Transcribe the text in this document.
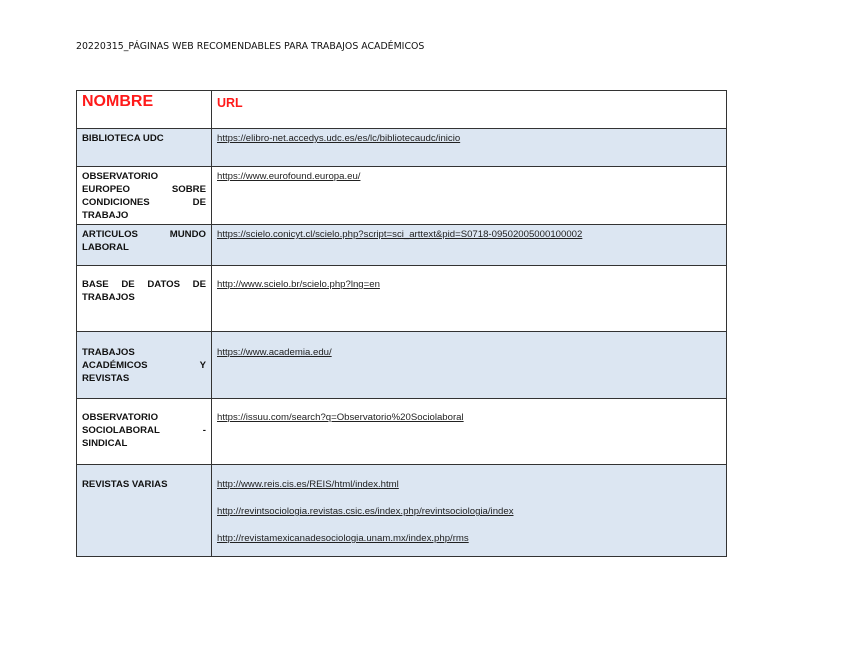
20220315_PÁGINAS WEB RECOMENDABLES PARA TRABAJOS ACADÉMICOS
NOMBRE	URL

BIBLIOTECA UDC	https://elibro-net.accedys.udc.es/es/lc/bibliotecaudc/inicio

OBSERVATORIO
EUROPEO SOBRE
CONDICIONES DE
TRABAJO	https://www.eurofound.europa.eu/

ARTICULOS MUNDO
LABORAL	https://scielo.conicyt.cl/scielo.php?script=sci_arttext&pid=S0718-09502005000100002

BASE DE DATOS DE
TRABAJOS	http://www.scielo.br/scielo.php?lng=en

TRABAJOS
ACADÉMICOS Y
REVISTAS	https://www.academia.edu/

OBSERVATORIO
SOCIOLABORAL -
SINDICAL	https://issuu.com/search?q=Observatorio%20Sociolaboral

REVISTAS VARIAS	http://www.reis.cis.es/REIS/html/index.html
http://revintsociologia.revistas.csic.es/index.php/revintsociologia/index
http://revistamexicanadesociologia.unam.mx/index.php/rms
